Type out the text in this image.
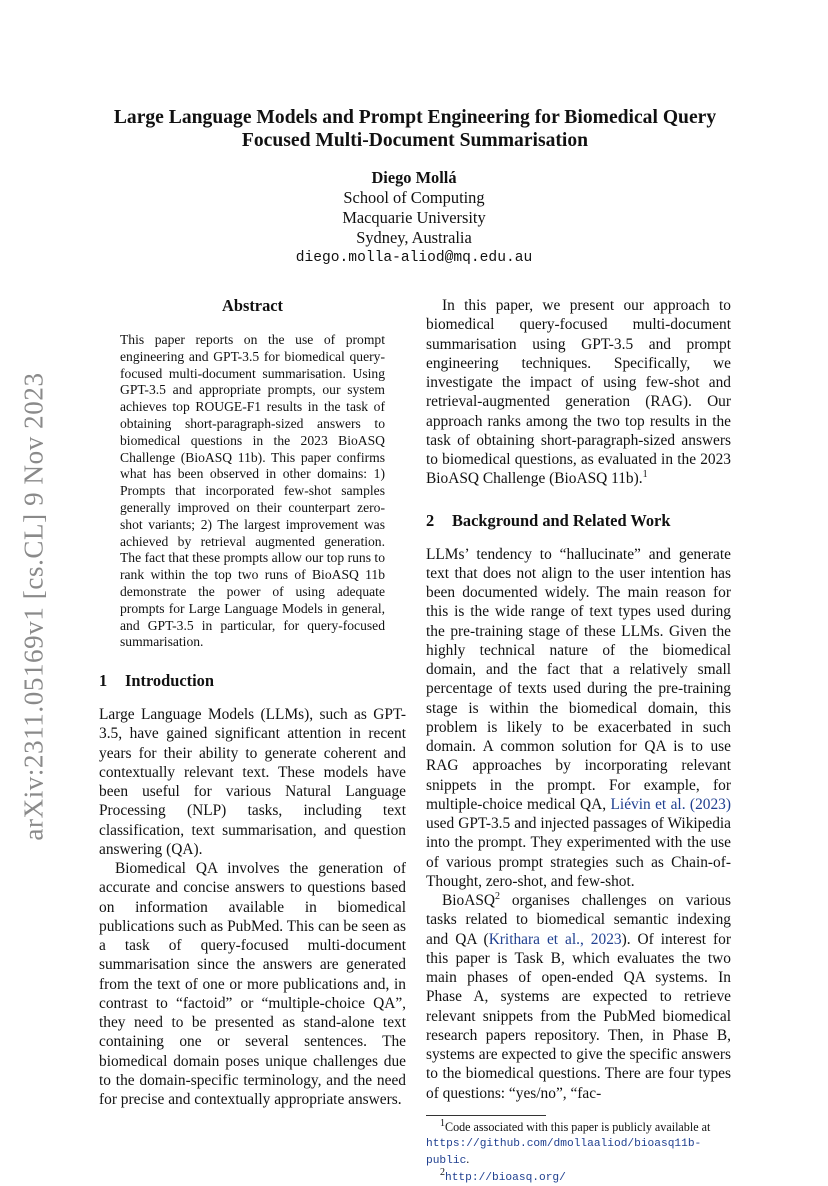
arXiv:2311.05169v1 [cs.CL] 9 Nov 2023
Large Language Models and Prompt Engineering for Biomedical Query
Focused Multi-Document Summarisation
Diego Mollá
School of Computing
Macquarie University
Sydney, Australia
diego.molla-aliod@mq.edu.au
Abstract

This paper reports on the use of prompt engineering and GPT-3.5 for biomedical query-focused multi-document summarisation. Using GPT-3.5 and appropriate prompts, our system achieves top ROUGE-F1 results in the task of obtaining short-paragraph-sized answers to biomedical questions in the 2023 BioASQ Challenge (BioASQ 11b). This paper confirms what has been observed in other domains: 1) Prompts that incorporated few-shot samples generally improved on their counterpart zero-shot variants; 2) The largest improvement was achieved by retrieval augmented generation. The fact that these prompts allow our top runs to rank within the top two runs of BioASQ 11b demonstrate the power of using adequate prompts for Large Language Models in general, and GPT-3.5 in particular, for query-focused summarisation.

1 Introduction

Large Language Models (LLMs), such as GPT-3.5, have gained significant attention in recent years for their ability to generate coherent and contextually relevant text. These models have been useful for various Natural Language Processing (NLP) tasks, including text classification, text summarisation, and question answering (QA).

Biomedical QA involves the generation of accurate and concise answers to questions based on information available in biomedical publications such as PubMed. This can be seen as a task of query-focused multi-document summarisation since the answers are generated from the text of one or more publications and, in contrast to “factoid” or “multiple-choice QA”, they need to be presented as stand-alone text containing one or several sentences. The biomedical domain poses unique challenges due to the domain-specific terminology, and the need for precise and contextually appropriate answers.

In this paper, we present our approach to biomedical query-focused multi-document summarisation using GPT-3.5 and prompt engineering techniques. Specifically, we investigate the impact of using few-shot and retrieval-augmented generation (RAG). Our approach ranks among the two top results in the task of obtaining short-paragraph-sized answers to biomedical questions, as evaluated in the 2023 BioASQ Challenge (BioASQ 11b).$^1$

2 Background and Related Work

LLMs’ tendency to “hallucinate” and generate text that does not align to the user intention has been documented widely. The main reason for this is the wide range of text types used during the pre-training stage of these LLMs. Given the highly technical nature of the biomedical domain, and the fact that a relatively small percentage of texts used during the pre-training stage is within the biomedical domain, this problem is likely to be exacerbated in such domain. A common solution for QA is to use RAG approaches by incorporating relevant snippets in the prompt. For example, for multiple-choice medical QA, Liévin et al. (2023) used GPT-3.5 and injected passages of Wikipedia into the prompt. They experimented with the use of various prompt strategies such as Chain-of-Thought, zero-shot, and few-shot.

BioASQ$^2$ organises challenges on various tasks related to biomedical semantic indexing and QA (Krithara et al., 2023). Of interest for this paper is Task B, which evaluates the two main phases of open-ended QA systems. In Phase A, systems are expected to retrieve relevant snippets from the PubMed biomedical research papers repository. Then, in Phase B, systems are expected to give the specific answers to the biomedical questions. There are four types of questions: “yes/no”, “fac-

$^1$Code associated with this paper is publicly available at https://github.com/dmollaaliod/bioasq11b-public.
$^2$http://bioasq.org/
